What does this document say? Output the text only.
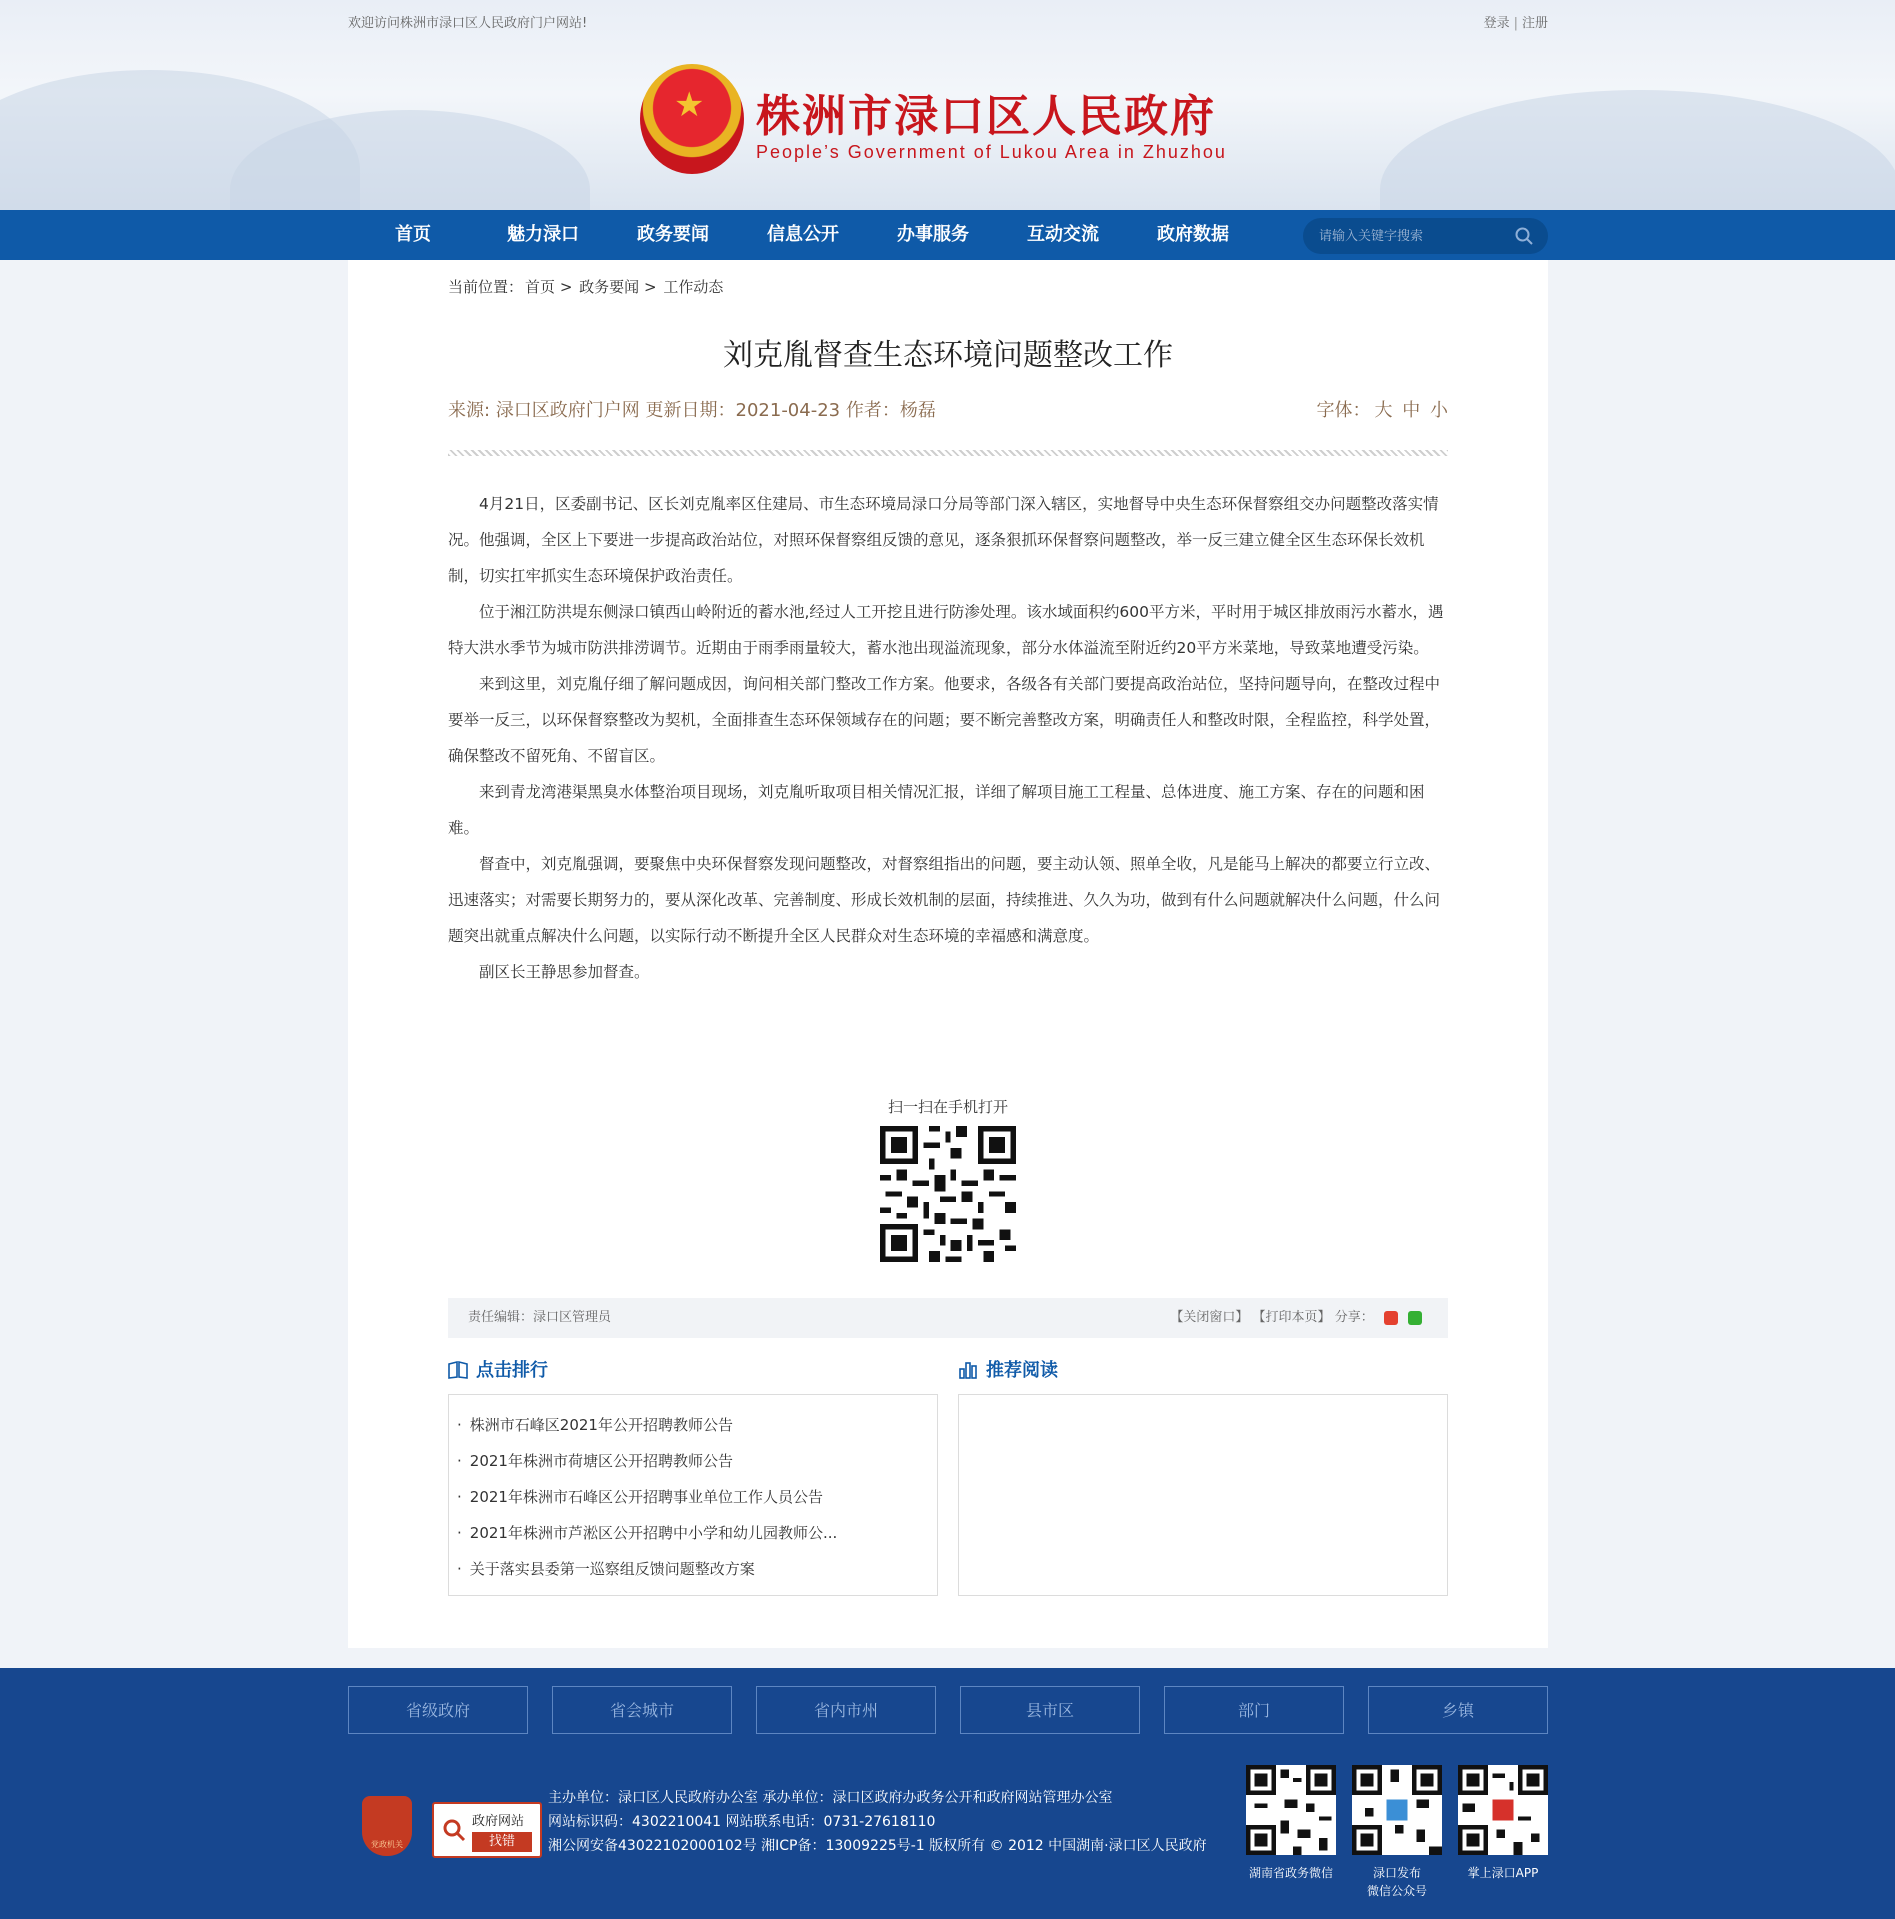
欢迎访问株洲市渌口区人民政府门户网站!	登录 | 注册
★ 株洲市渌口区人民政府
People’s Government of Lukou Area in Zhuzhou
首页	魅力渌口	政务要闻	信息公开	办事服务	互动交流	政府数据
请输入关键字搜索
当前位置： 首页 > 政务要闻 > 工作动态
刘克胤督查生态环境问题整改工作
来源: 渌口区政府门户网 更新日期：2021-04-23 作者：杨磊	字体： 大 中 小

4月21日，区委副书记、区长刘克胤率区住建局、市生态环境局渌口分局等部门深入辖区，实地督导中央生态环保督察组交办问题整改落实情况。他强调，全区上下要进一步提高政治站位，对照环保督察组反馈的意见，逐条狠抓环保督察问题整改，举一反三建立健全区生态环保长效机制，切实扛牢抓实生态环境保护政治责任。

位于湘江防洪堤东侧渌口镇西山岭附近的蓄水池,经过人工开挖且进行防渗处理。该水域面积约600平方米，平时用于城区排放雨污水蓄水，遇特大洪水季节为城市防洪排涝调节。近期由于雨季雨量较大，蓄水池出现溢流现象，部分水体溢流至附近约20平方米菜地，导致菜地遭受污染。

来到这里，刘克胤仔细了解问题成因，询问相关部门整改工作方案。他要求，各级各有关部门要提高政治站位，坚持问题导向，在整改过程中要举一反三，以环保督察整改为契机，全面排查生态环保领域存在的问题；要不断完善整改方案，明确责任人和整改时限，全程监控，科学处置，确保整改不留死角、不留盲区。

来到青龙湾港渠黑臭水体整治项目现场，刘克胤听取项目相关情况汇报，详细了解项目施工工程量、总体进度、施工方案、存在的问题和困难。

督查中，刘克胤强调，要聚焦中央环保督察发现问题整改，对督察组指出的问题，要主动认领、照单全收，凡是能马上解决的都要立行立改、迅速落实；对需要长期努力的，要从深化改革、完善制度、形成长效机制的层面，持续推进、久久为功，做到有什么问题就解决什么问题，什么问题突出就重点解决什么问题，以实际行动不断提升全区人民群众对生态环境的幸福感和满意度。

副区长王静思参加督查。

扫一扫在手机打开
责任编辑：渌口区管理员	【关闭窗口】 【打印本页】 分享：
点击排行
· 株洲市石峰区2021年公开招聘教师公告
· 2021年株洲市荷塘区公开招聘教师公告
· 2021年株洲市石峰区公开招聘事业单位工作人员公告
· 2021年株洲市芦淞区公开招聘中小学和幼儿园教师公...
· 关于落实县委第一巡察组反馈问题整改方案
推荐阅读
省级政府	省会城市	省内市州	县市区	部门	乡镇
党政机关
政府网站
找错
主办单位：渌口区人民政府办公室 承办单位：渌口区政府办政务公开和政府网站管理办公室
网站标识码：4302210041 网站联系电话：0731-27618110
湘公网安备43022102000102号 湘ICP备：13009225号-1 版权所有 © 2012 中国湖南·渌口区人民政府
湖南省政务微信	渌口发布
微信公众号
掌上渌口APP
